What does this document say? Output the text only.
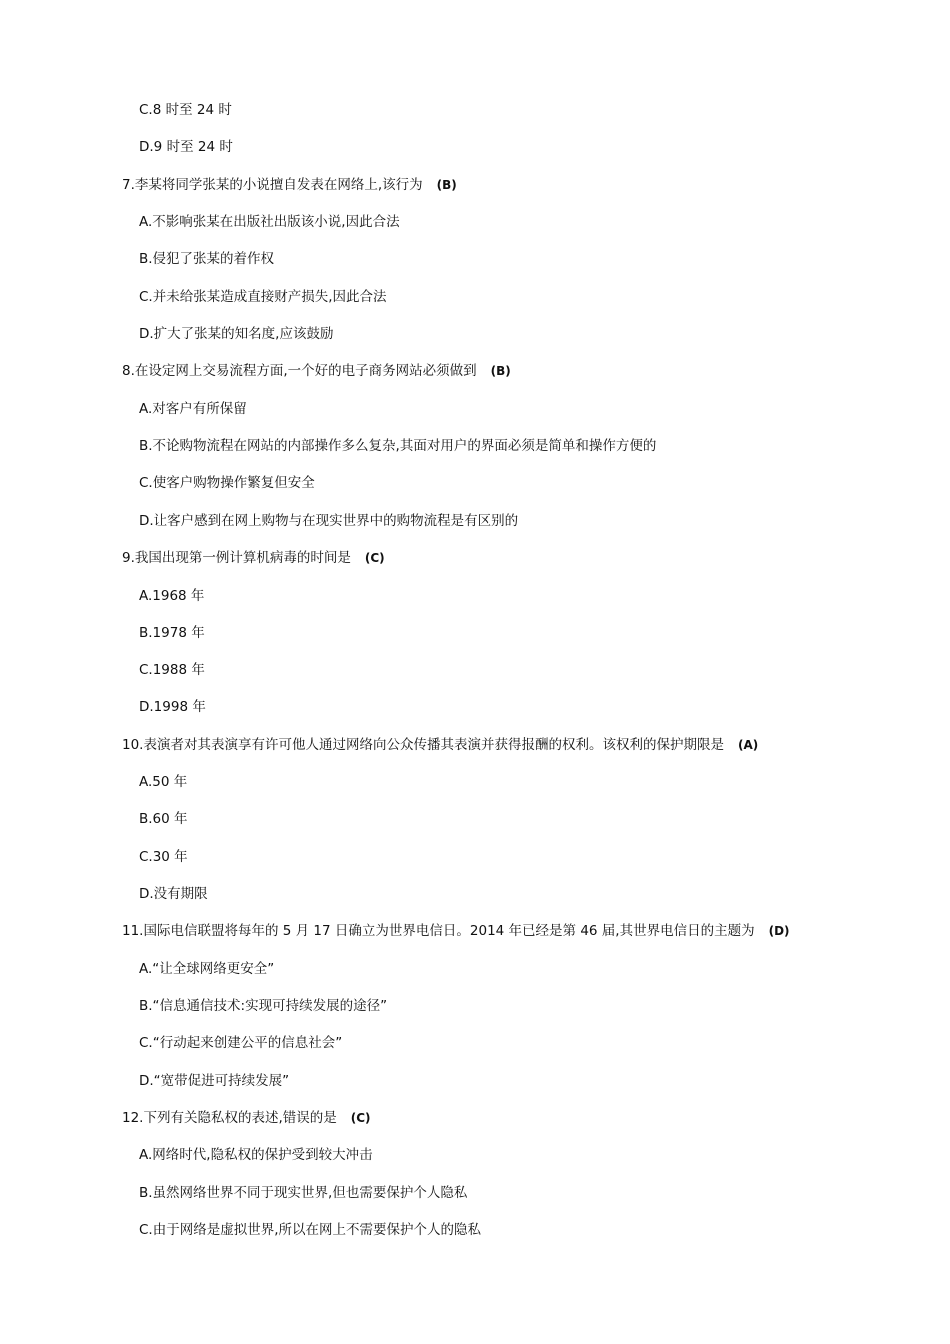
C.8 时至 24 时
D.9 时至 24 时
7.李某将同学张某的小说擅自发表在网络上,该行为 (B)
A.不影响张某在出版社出版该小说,因此合法
B.侵犯了张某的着作权
C.并未给张某造成直接财产损失,因此合法
D.扩大了张某的知名度,应该鼓励
8.在设定网上交易流程方面,一个好的电子商务网站必须做到 (B)
A.对客户有所保留
B.不论购物流程在网站的内部操作多么复杂,其面对用户的界面必须是简单和操作方便的
C.使客户购物操作繁复但安全
D.让客户感到在网上购物与在现实世界中的购物流程是有区别的
9.我国出现第一例计算机病毒的时间是 (C)
A.1968 年
B.1978 年
C.1988 年
D.1998 年
10.表演者对其表演享有许可他人通过网络向公众传播其表演并获得报酬的权利。该权利的保护期限是 (A)
A.50 年
B.60 年
C.30 年
D.没有期限
11.国际电信联盟将每年的 5 月 17 日确立为世界电信日。2014 年已经是第 46 届,其世界电信日的主题为 (D)
A.“让全球网络更安全”
B.“信息通信技术:实现可持续发展的途径”
C.“行动起来创建公平的信息社会”
D.“宽带促进可持续发展”
12.下列有关隐私权的表述,错误的是 (C)
A.网络时代,隐私权的保护受到较大冲击
B.虽然网络世界不同于现实世界,但也需要保护个人隐私
C.由于网络是虚拟世界,所以在网上不需要保护个人的隐私
